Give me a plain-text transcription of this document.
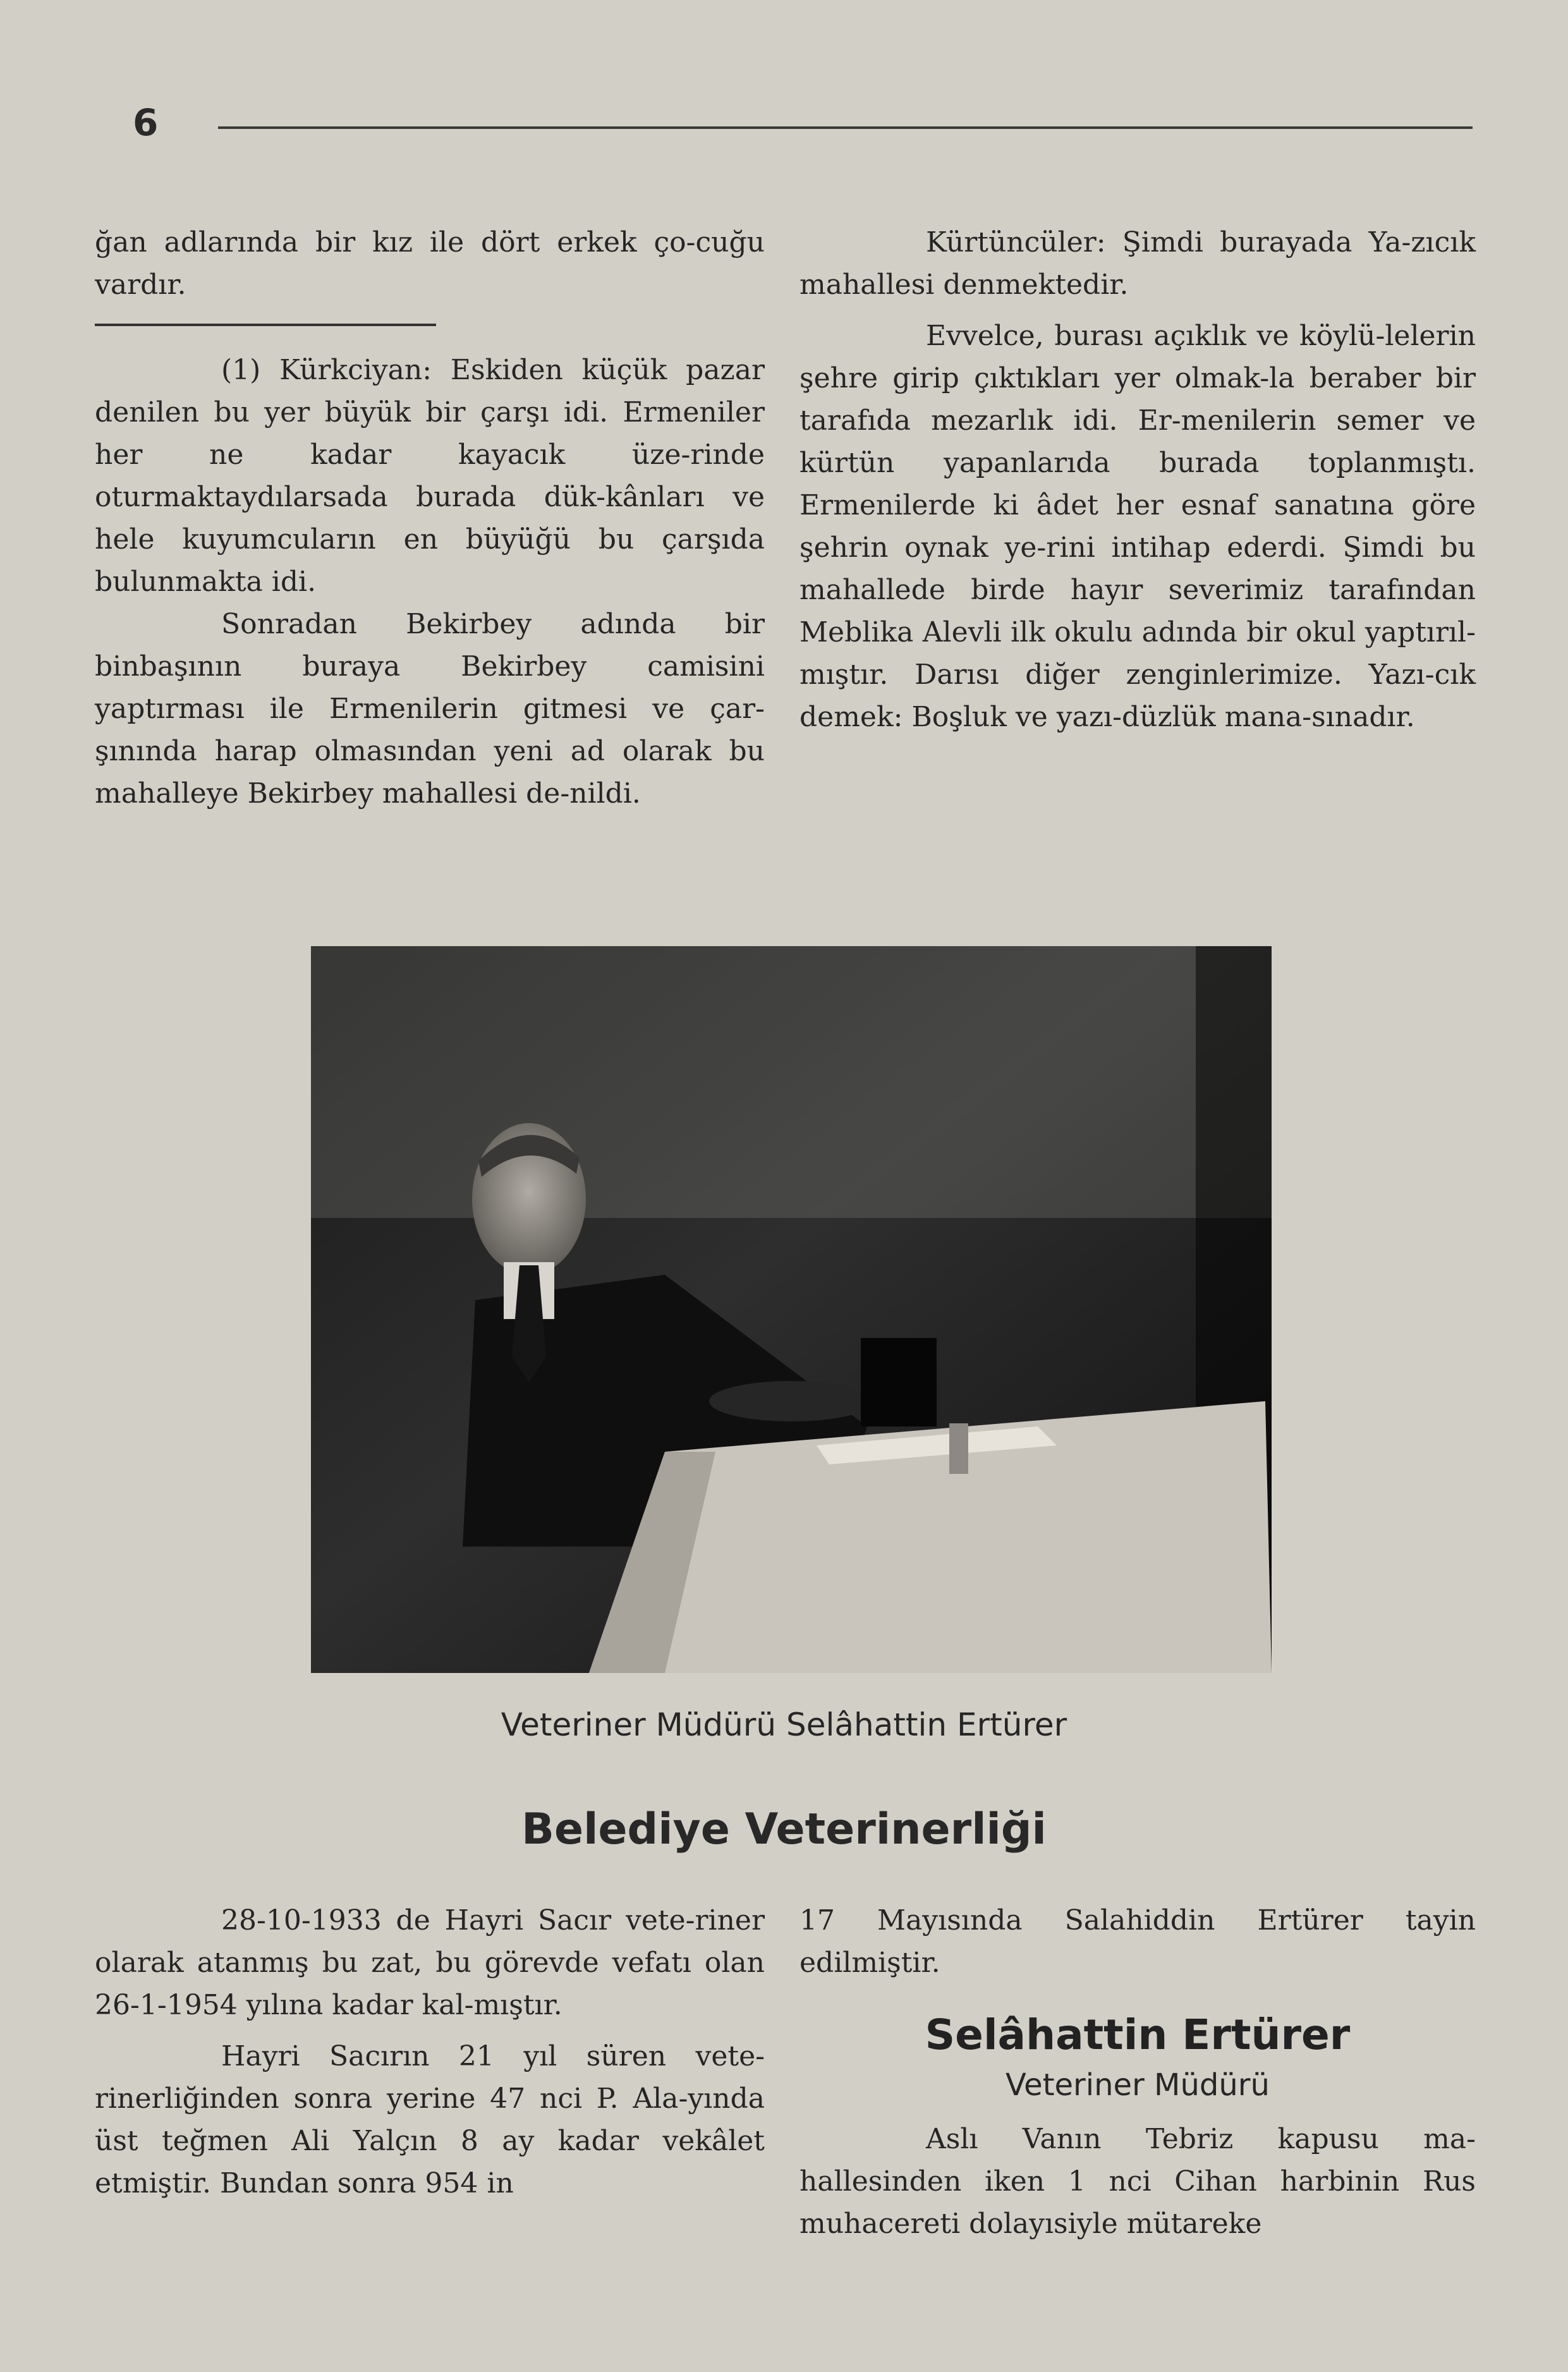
6

ğan adlarında bir kız ile dört erkek ço-cuğu vardır.

(1) Kürkciyan: Eskiden küçük pazar denilen bu yer büyük bir çarşı idi. Ermeniler her ne kadar kayacık üze-rinde oturmaktaydılarsada burada dük-kânları ve hele kuyumcuların en büyüğü bu çarşıda bulunmakta idi.

Sonradan Bekirbey adında bir binbaşının buraya Bekirbey camisini yaptırması ile Ermenilerin gitmesi ve çar-şınında harap olmasından yeni ad olarak bu mahalleye Bekirbey mahallesi de-nildi.

Kürtüncüler: Şimdi burayada Ya-zıcık mahallesi denmektedir.

Evvelce, burası açıklık ve köylü-lelerin şehre girip çıktıkları yer olmak-la beraber bir tarafıda mezarlık idi. Er-menilerin semer ve kürtün yapanlarıda burada toplanmıştı. Ermenilerde ki âdet her esnaf sanatına göre şehrin oynak ye-rini intihap ederdi. Şimdi bu mahallede birde hayır severimiz tarafından Meblika Alevli ilk okulu adında bir okul yaptırıl-mıştır. Darısı diğer zenginlerimize. Yazı-cık demek: Boşluk ve yazı-düzlük mana-sınadır.

Veteriner Müdürü Selâhattin Ertürer
Belediye Veterinerliği

28-10-1933 de Hayri Sacır vete-riner olarak atanmış bu zat, bu görevde vefatı olan 26-1-1954 yılına kadar kal-mıştır.

Hayri Sacırın 21 yıl süren vete-rinerliğinden sonra yerine 47 nci P. Ala-yında üst teğmen Ali Yalçın 8 ay kadar vekâlet etmiştir. Bundan sonra 954 in

17 Mayısında Salahiddin Ertürer tayin edilmiştir.

Selâhattin Ertürer
Veteriner Müdürü

Aslı Vanın Tebriz kapusu ma-hallesinden iken 1 nci Cihan harbinin Rus muhacereti dolayısiyle mütareke
